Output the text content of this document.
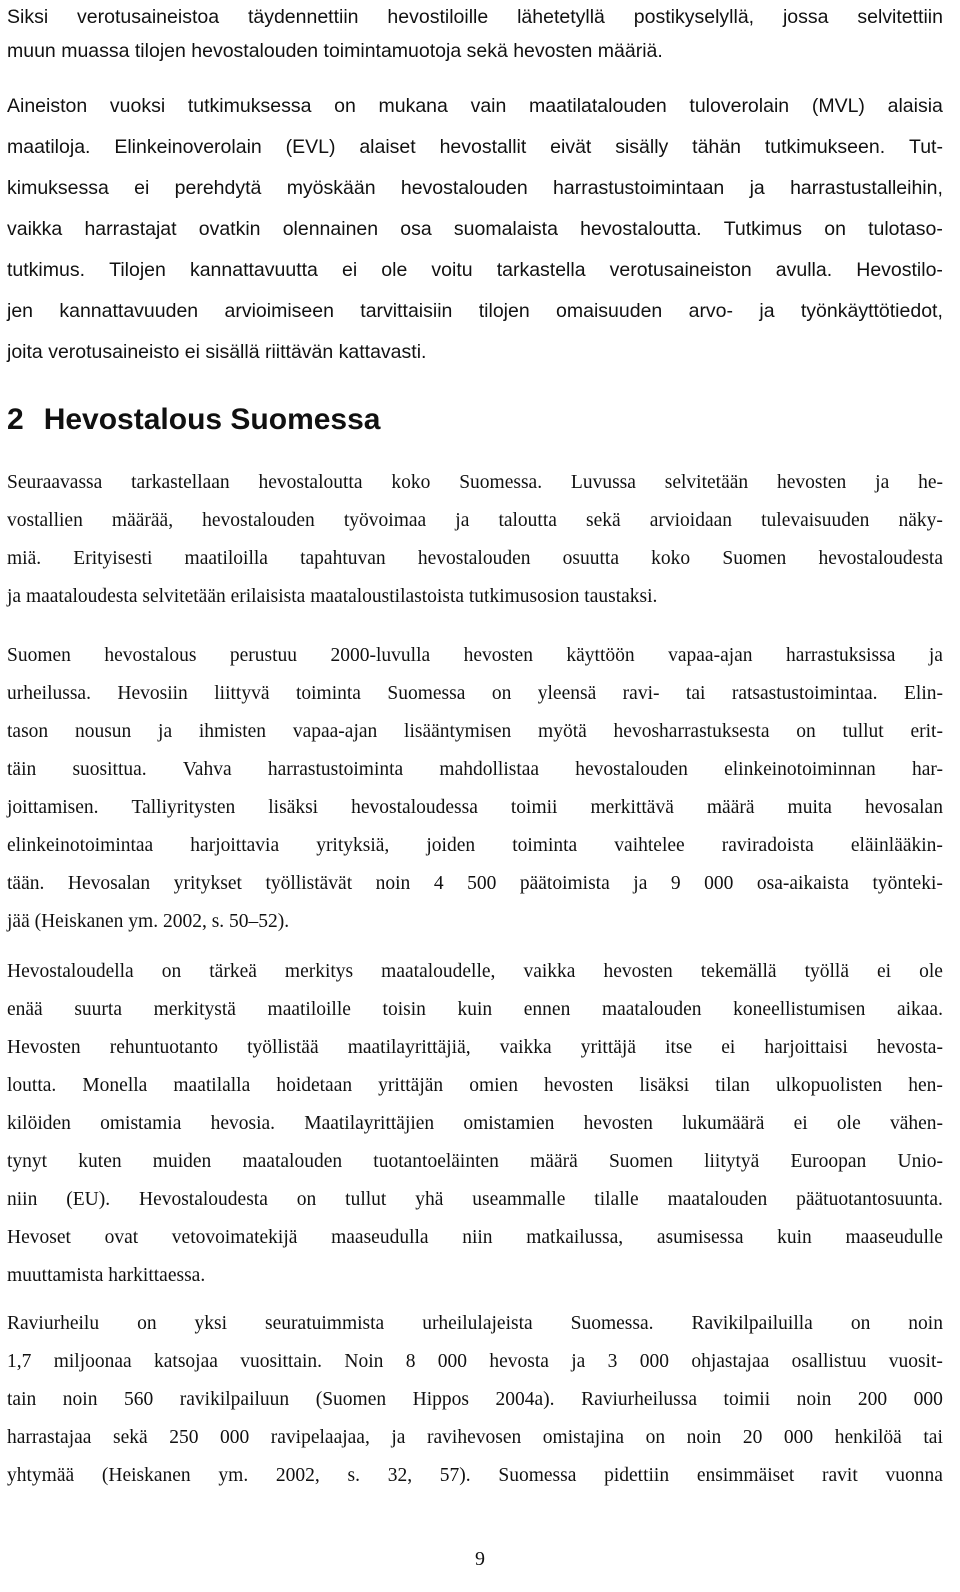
Siksi verotusaineistoa täydennettiin hevostiloille lähetetyllä postikyselyllä, jossa selvitettiin
muun muassa tilojen hevostalouden toimintamuotoja sekä hevosten määriä.
Aineiston vuoksi tutkimuksessa on mukana vain maatilatalouden tuloverolain (MVL) alaisia
maatiloja. Elinkeinoverolain (EVL) alaiset hevostallit eivät sisälly tähän tutkimukseen. Tut-
kimuksessa ei perehdytä myöskään hevostalouden harrastustoimintaan ja harrastustalleihin,
vaikka harrastajat ovatkin olennainen osa suomalaista hevostaloutta. Tutkimus on tulotaso-
tutkimus. Tilojen kannattavuutta ei ole voitu tarkastella verotusaineiston avulla. Hevostilo-
jen kannattavuuden arvioimiseen tarvittaisiin tilojen omaisuuden arvo- ja työnkäyttötiedot,
joita verotusaineisto ei sisällä riittävän kattavasti.
2 Hevostalous Suomessa
Seuraavassa tarkastellaan hevostaloutta koko Suomessa. Luvussa selvitetään hevosten ja he-
vostallien määrää, hevostalouden työvoimaa ja taloutta sekä arvioidaan tulevaisuuden näky-
miä. Erityisesti maatiloilla tapahtuvan hevostalouden osuutta koko Suomen hevostaloudesta
ja maataloudesta selvitetään erilaisista maataloustilastoista tutkimusosion taustaksi.
Suomen hevostalous perustuu 2000-luvulla hevosten käyttöön vapaa-ajan harrastuksissa ja
urheilussa. Hevosiin liittyvä toiminta Suomessa on yleensä ravi- tai ratsastustoimintaa. Elin-
tason nousun ja ihmisten vapaa-ajan lisääntymisen myötä hevosharrastuksesta on tullut erit-
täin suosittua. Vahva harrastustoiminta mahdollistaa hevostalouden elinkeinotoiminnan har-
joittamisen. Talliyritysten lisäksi hevostaloudessa toimii merkittävä määrä muita hevosalan
elinkeinotoimintaa harjoittavia yrityksiä, joiden toiminta vaihtelee raviradoista eläinlääkin-
tään. Hevosalan yritykset työllistävät noin 4 500 päätoimista ja 9 000 osa-aikaista työnteki-
jää (Heiskanen ym. 2002, s. 50–52).
Hevostaloudella on tärkeä merkitys maataloudelle, vaikka hevosten tekemällä työllä ei ole
enää suurta merkitystä maatiloille toisin kuin ennen maatalouden koneellistumisen aikaa.
Hevosten rehuntuotanto työllistää maatilayrittäjiä, vaikka yrittäjä itse ei harjoittaisi hevosta-
loutta. Monella maatilalla hoidetaan yrittäjän omien hevosten lisäksi tilan ulkopuolisten hen-
kilöiden omistamia hevosia. Maatilayrittäjien omistamien hevosten lukumäärä ei ole vähen-
tynyt kuten muiden maatalouden tuotantoeläinten määrä Suomen liitytyä Euroopan Unio-
niin (EU). Hevostaloudesta on tullut yhä useammalle tilalle maatalouden päätuotantosuunta.
Hevoset ovat vetovoimatekijä maaseudulla niin matkailussa, asumisessa kuin maaseudulle
muuttamista harkittaessa.
Raviurheilu on yksi seuratuimmista urheilulajeista Suomessa. Ravikilpailuilla on noin
1,7 miljoonaa katsojaa vuosittain. Noin 8 000 hevosta ja 3 000 ohjastajaa osallistuu vuosit-
tain noin 560 ravikilpailuun (Suomen Hippos 2004a). Raviurheilussa toimii noin 200 000
harrastajaa sekä 250 000 ravipelaajaa, ja ravihevosen omistajina on noin 20 000 henkilöä tai
yhtymää (Heiskanen ym. 2002, s. 32, 57). Suomessa pidettiin ensimmäiset ravit vuonna
9
